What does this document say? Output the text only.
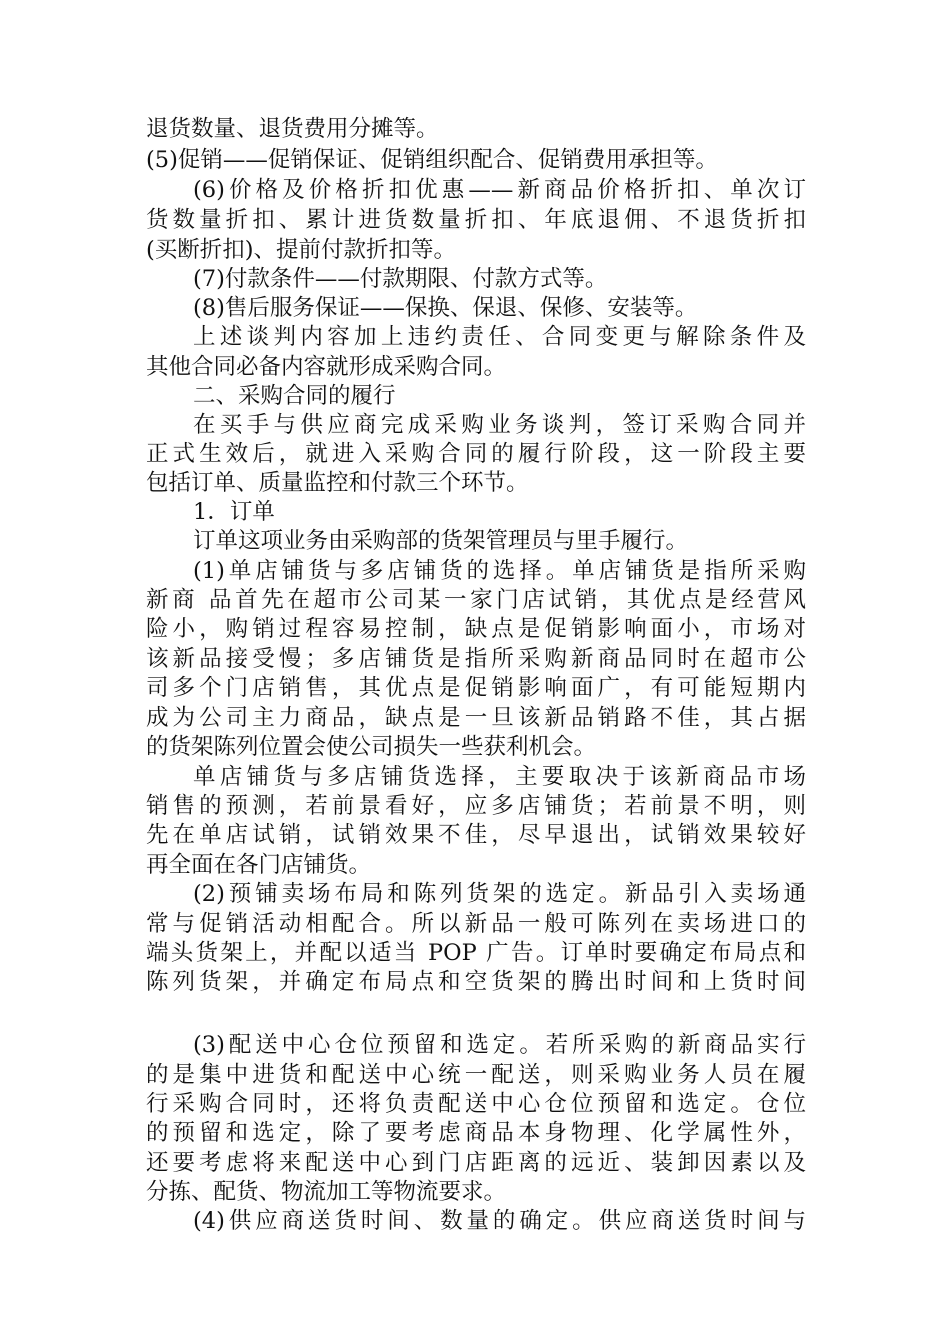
退货数量、退货费用分摊等。
(5)促销——促销保证、促销组织配合、促销费用承担等。
(6)价格及价格折扣优惠——新商品价格折扣、单次订
货数量折扣、累计进货数量折扣、年底退佣、不退货折扣
(买断折扣)、提前付款折扣等。
(7)付款条件——付款期限、付款方式等。
(8)售后服务保证——保换、保退、保修、安装等。
上述谈判内容加上违约责任、合同变更与解除条件及
其他合同必备内容就形成采购合同。
二、采购合同的履行
在买手与供应商完成采购业务谈判，签订采购合同并
正式生效后，就进入采购合同的履行阶段，这一阶段主要
包括订单、质量监控和付款三个环节。
1．订单
订单这项业务由采购部的货架管理员与里手履行。
(1)单店铺货与多店铺货的选择。单店铺货是指所采购
新商 品首先在超市公司某一家门店试销，其优点是经营风
险小，购销过程容易控制，缺点是促销影响面小，市场对
该新品接受慢；多店铺货是指所采购新商品同时在超市公
司多个门店销售，其优点是促销影响面广，有可能短期内
成为公司主力商品，缺点是一旦该新品销路不佳，其占据
的货架陈列位置会使公司损失一些获利机会。
单店铺货与多店铺货选择，主要取决于该新商品市场
销售的预测，若前景看好，应多店铺货；若前景不明，则
先在单店试销，试销效果不佳，尽早退出，试销效果较好
再全面在各门店铺货。
(2)预铺卖场布局和陈列货架的选定。新品引入卖场通
常与促销活动相配合。所以新品一般可陈列在卖场进口的
端头货架上，并配以适当 POP 广告。订单时要确定布局点和
陈列货架，并确定布局点和空货架的腾出时间和上货时间
(3)配送中心仓位预留和选定。若所采购的新商品实行
的是集中进货和配送中心统一配送，则采购业务人员在履
行采购合同时，还将负责配送中心仓位预留和选定。仓位
的预留和选定，除了要考虑商品本身物理、化学属性外，
还要考虑将来配送中心到门店距离的远近、装卸因素以及
分拣、配货、物流加工等物流要求。
(4)供应商送货时间、数量的确定。供应商送货时间与
